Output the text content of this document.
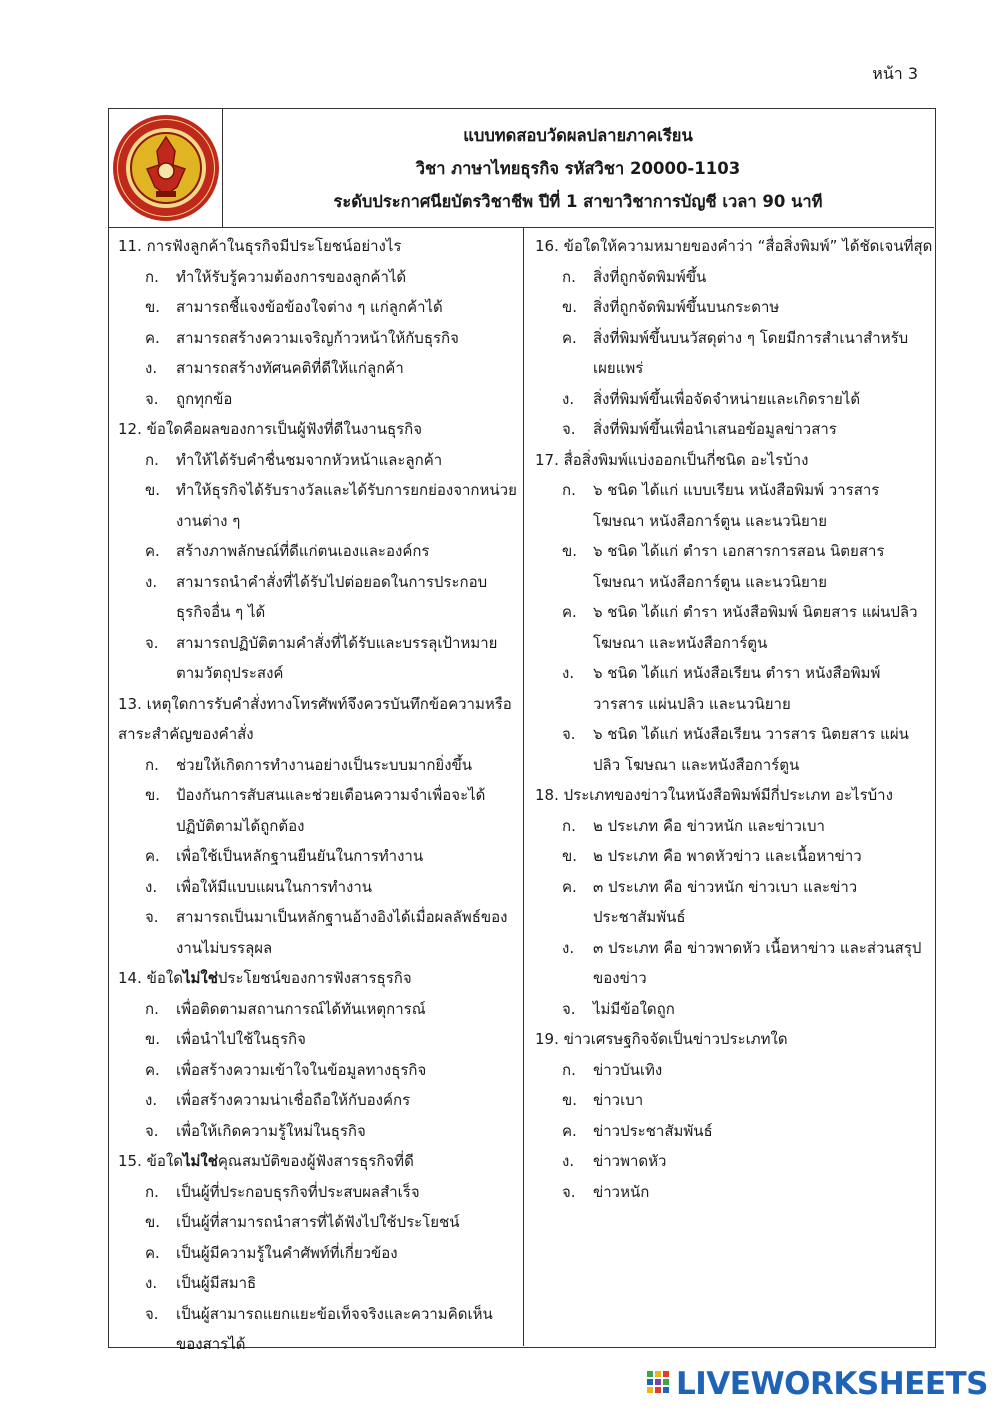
หน้า 3
แบบทดสอบวัดผลปลายภาคเรียน
วิชา ภาษาไทยธุรกิจ รหัสวิชา 20000-1103
ระดับประกาศนียบัตรวิชาชีพ ปีที่ 1 สาขาวิชาการบัญชี เวลา 90 นาที
11. การฟังลูกค้าในธุรกิจมีประโยชน์อย่างไร
ก.	ทำให้รับรู้ความต้องการของลูกค้าได้
ข.	สามารถชี้แจงข้อข้องใจต่าง ๆ แก่ลูกค้าได้
ค.	สามารถสร้างความเจริญก้าวหน้าให้กับธุรกิจ
ง.	สามารถสร้างทัศนคติที่ดีให้แก่ลูกค้า
จ.	ถูกทุกข้อ
12. ข้อใดคือผลของการเป็นผู้ฟังที่ดีในงานธุรกิจ
ก.	ทำให้ได้รับคำชื่นชมจากหัวหน้าและลูกค้า
ข.	ทำให้ธุรกิจได้รับรางวัลและได้รับการยกย่องจากหน่วยงานต่าง ๆ
ค.	สร้างภาพลักษณ์ที่ดีแก่ตนเองและองค์กร
ง.	สามารถนำคำสั่งที่ได้รับไปต่อยอดในการประกอบธุรกิจอื่น ๆ ได้
จ.	สามารถปฏิบัติตามคำสั่งที่ได้รับและบรรลุเป้าหมายตามวัตถุประสงค์
13. เหตุใดการรับคำสั่งทางโทรศัพท์จึงควรบันทึกข้อความหรือสาระสำคัญของคำสั่ง
ก.	ช่วยให้เกิดการทำงานอย่างเป็นระบบมากยิ่งขึ้น
ข.	ป้องกันการสับสนและช่วยเตือนความจำเพื่อจะได้ปฏิบัติตามได้ถูกต้อง
ค.	เพื่อใช้เป็นหลักฐานยืนยันในการทำงาน
ง.	เพื่อให้มีแบบแผนในการทำงาน
จ.	สามารถเป็นมาเป็นหลักฐานอ้างอิงได้เมื่อผลลัพธ์ของงานไม่บรรลุผล
14. ข้อใดไม่ใช่ประโยชน์ของการฟังสารธุรกิจ
ก.	เพื่อติดตามสถานการณ์ได้ทันเหตุการณ์
ข.	เพื่อนำไปใช้ในธุรกิจ
ค.	เพื่อสร้างความเข้าใจในข้อมูลทางธุรกิจ
ง.	เพื่อสร้างความน่าเชื่อถือให้กับองค์กร
จ.	เพื่อให้เกิดความรู้ใหม่ในธุรกิจ
15. ข้อใดไม่ใช่คุณสมบัติของผู้ฟังสารธุรกิจที่ดี
ก.	เป็นผู้ที่ประกอบธุรกิจที่ประสบผลสำเร็จ
ข.	เป็นผู้ที่สามารถนำสารที่ได้ฟังไปใช้ประโยชน์
ค.	เป็นผู้มีความรู้ในคำศัพท์ที่เกี่ยวข้อง
ง.	เป็นผู้มีสมาธิ
จ.	เป็นผู้สามารถแยกแยะข้อเท็จจริงและความคิดเห็นของสารได้
16. ข้อใดให้ความหมายของคำว่า “สื่อสิ่งพิมพ์” ได้ชัดเจนที่สุด
ก.	สิ่งที่ถูกจัดพิมพ์ขึ้น
ข.	สิ่งที่ถูกจัดพิมพ์ขึ้นบนกระดาษ
ค.	สิ่งที่พิมพ์ขึ้นบนวัสดุต่าง ๆ โดยมีการสำเนาสำหรับเผยแพร่
ง.	สิ่งที่พิมพ์ขึ้นเพื่อจัดจำหน่ายและเกิดรายได้
จ.	สิ่งที่พิมพ์ขึ้นเพื่อนำเสนอข้อมูลข่าวสาร
17. สื่อสิ่งพิมพ์แบ่งออกเป็นกี่ชนิด อะไรบ้าง
ก.	๖ ชนิด ได้แก่ แบบเรียน หนังสือพิมพ์ วารสาร โฆษณา หนังสือการ์ตูน และนวนิยาย
ข.	๖ ชนิด ได้แก่ ตำรา เอกสารการสอน นิตยสาร โฆษณา หนังสือการ์ตูน และนวนิยาย
ค.	๖ ชนิด ได้แก่ ตำรา หนังสือพิมพ์ นิตยสาร แผ่นปลิว โฆษณา และหนังสือการ์ตูน
ง.	๖ ชนิด ได้แก่ หนังสือเรียน ตำรา หนังสือพิมพ์ วารสาร แผ่นปลิว และนวนิยาย
จ.	๖ ชนิด ได้แก่ หนังสือเรียน วารสาร นิตยสาร แผ่นปลิว โฆษณา และหนังสือการ์ตูน
18. ประเภทของข่าวในหนังสือพิมพ์มีกี่ประเภท อะไรบ้าง
ก.	๒ ประเภท คือ ข่าวหนัก และข่าวเบา
ข.	๒ ประเภท คือ พาดหัวข่าว และเนื้อหาข่าว
ค.	๓ ประเภท คือ ข่าวหนัก ข่าวเบา และข่าวประชาสัมพันธ์
ง.	๓ ประเภท คือ ข่าวพาดหัว เนื้อหาข่าว และส่วนสรุปของข่าว
จ.	ไม่มีข้อใดถูก
19. ข่าวเศรษฐกิจจัดเป็นข่าวประเภทใด
ก.	ข่าวบันเทิง
ข.	ข่าวเบา
ค.	ข่าวประชาสัมพันธ์
ง.	ข่าวพาดหัว
จ.	ข่าวหนัก
LIVEWORKSHEETS
